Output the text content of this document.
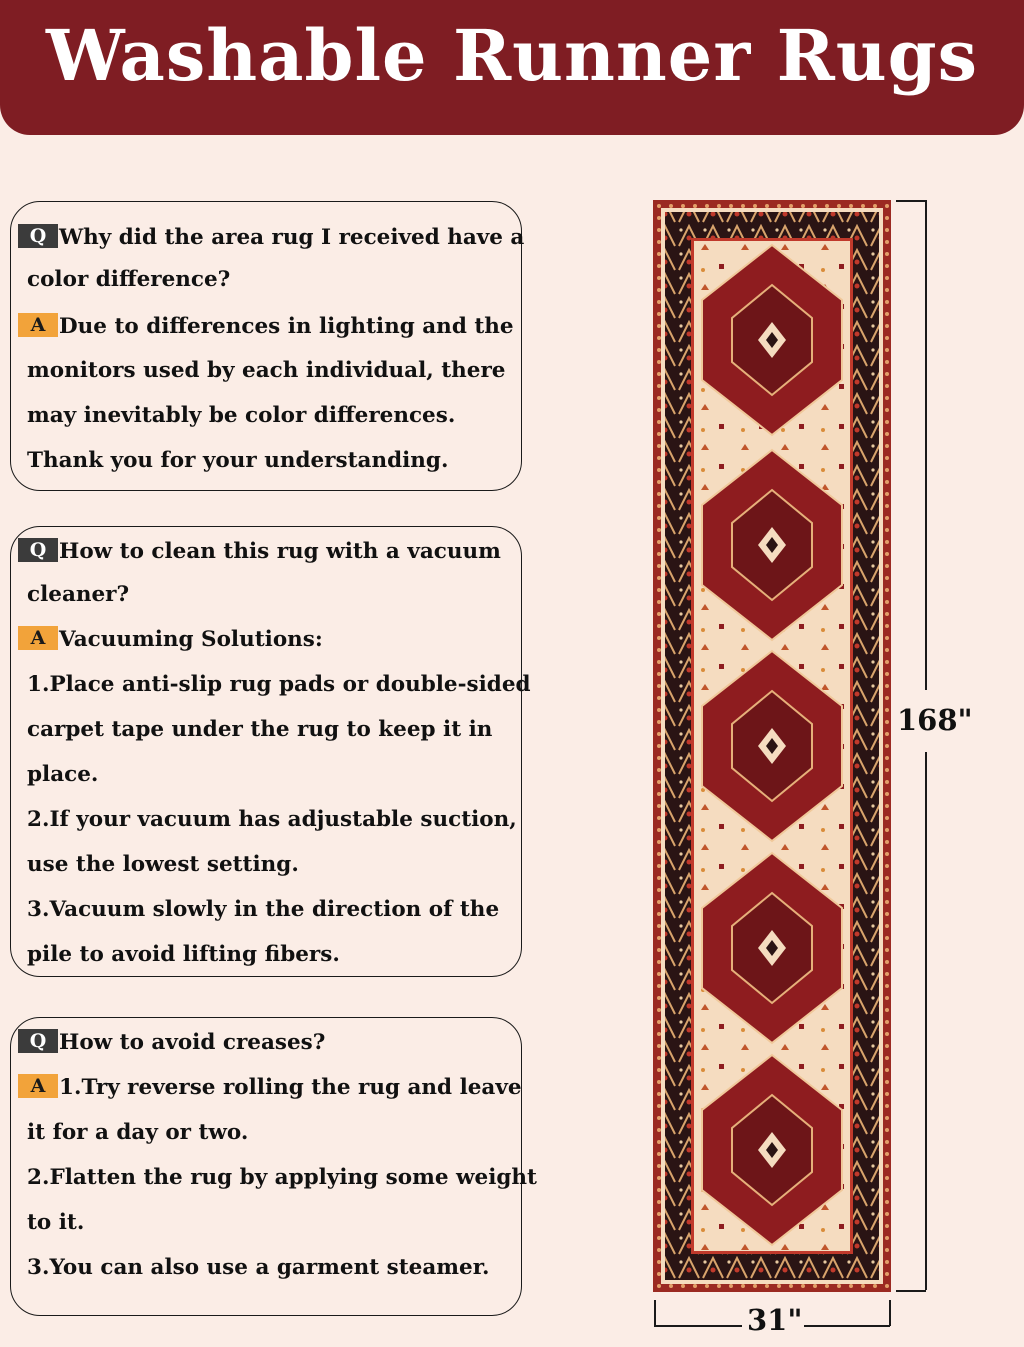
Washable Runner Rugs
Q Why did the area rug I received have a
color difference?
A Due to differences in lighting and the
monitors used by each individual, there
may inevitably be color differences.
Thank you for your understanding.
Q How to clean this rug with a vacuum
cleaner?
A Vacuuming Solutions:
1.Place anti-slip rug pads or double-sided
carpet tape under the rug to keep it in
place.
2.If your vacuum has adjustable suction,
use the lowest setting.
3.Vacuum slowly in the direction of the
pile to avoid lifting fibers.
Q How to avoid creases?
A 1.Try reverse rolling the rug and leave
it for a day or two.
2.Flatten the rug by applying some weight
to it.
3.You can also use a garment steamer.
168"
31"
